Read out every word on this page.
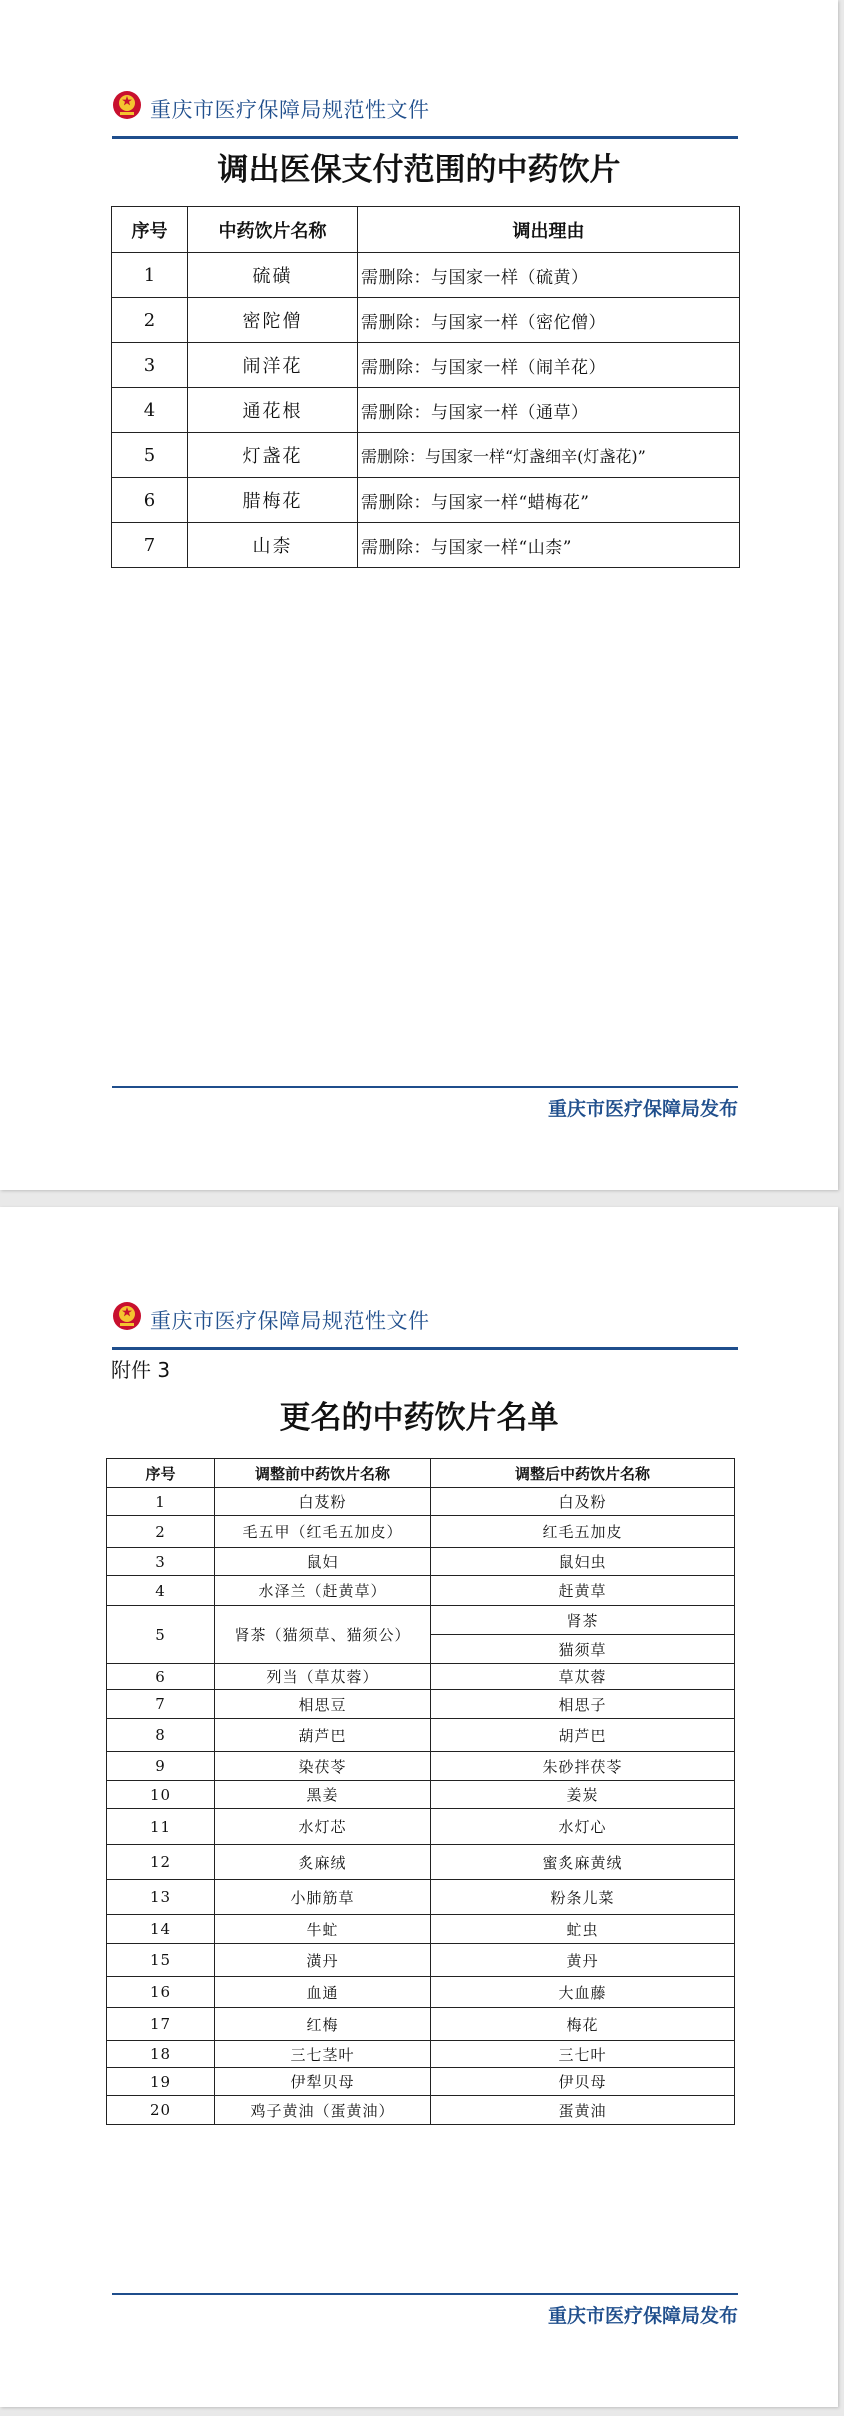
重庆市医疗保障局规范性文件
调出医保支付范围的中药饮片
序号	中药饮片名称	调出理由
1	硫磺	需删除：与国家一样（硫黄）
2	密陀僧	需删除：与国家一样（密佗僧）
3	闹洋花	需删除：与国家一样（闹羊花）
4	通花根	需删除：与国家一样（通草）
5	灯盏花	需删除：与国家一样“灯盏细辛(灯盏花)”
6	腊梅花	需删除：与国家一样“蜡梅花”
7	山柰	需删除：与国家一样“山柰”
重庆市医疗保障局发布
重庆市医疗保障局规范性文件
附件 3
更名的中药饮片名单
序号	调整前中药饮片名称	调整后中药饮片名称
1	白芨粉	白及粉
2	毛五甲（红毛五加皮）	红毛五加皮
3	鼠妇	鼠妇虫
4	水泽兰（赶黄草）	赶黄草
5	肾茶（猫须草、猫须公）	肾茶
		猫须草
6	列当（草苁蓉）	草苁蓉
7	相思豆	相思子
8	葫芦巴	胡芦巴
9	染茯苓	朱砂拌茯苓
10	黑姜	姜炭
11	水灯芯	水灯心
12	炙麻绒	蜜炙麻黄绒
13	小肺筋草	粉条儿菜
14	牛虻	虻虫
15	潢丹	黄丹
16	血通	大血藤
17	红梅	梅花
18	三七茎叶	三七叶
19	伊犁贝母	伊贝母
20	鸡子黄油（蛋黄油）	蛋黄油
重庆市医疗保障局发布
